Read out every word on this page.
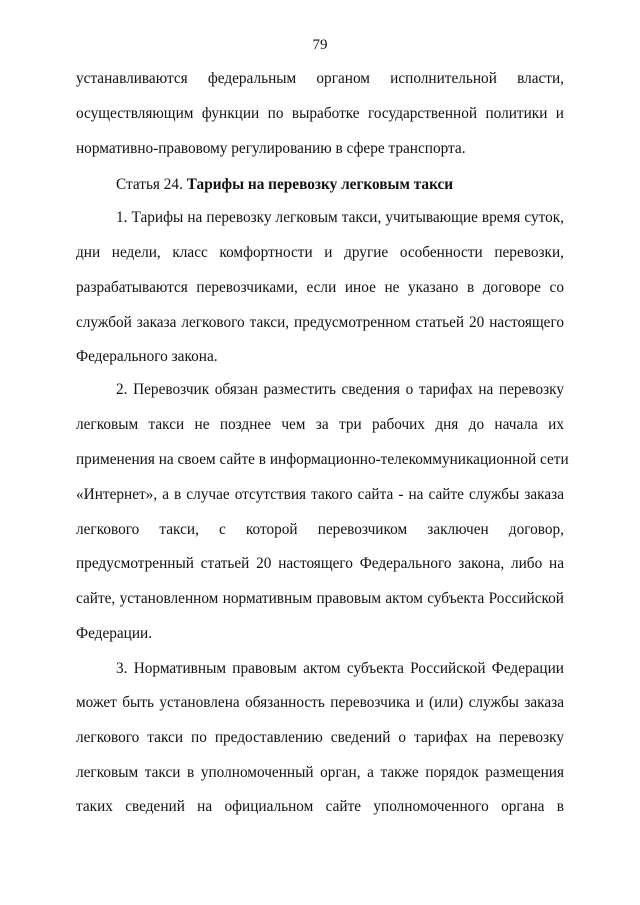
79
устанавливаются федеральным органом исполнительной власти,
осуществляющим функции по выработке государственной политики и
нормативно-правовому регулированию в сфере транспорта.
Статья 24. Тарифы на перевозку легковым такси
1. Тарифы на перевозку легковым такси, учитывающие время суток,
дни недели, класс комфортности и другие особенности перевозки,
разрабатываются перевозчиками, если иное не указано в договоре со
службой заказа легкового такси, предусмотренном статьей 20 настоящего
Федерального закона.
2. Перевозчик обязан разместить сведения о тарифах на перевозку
легковым такси не позднее чем за три рабочих дня до начала их
применения на своем сайте в информационно-телекоммуникационной сети
«Интернет», а в случае отсутствия такого сайта - на сайте службы заказа
легкового такси, с которой перевозчиком заключен договор,
предусмотренный статьей 20 настоящего Федерального закона, либо на
сайте, установленном нормативным правовым актом субъекта Российской
Федерации.
3. Нормативным правовым актом субъекта Российской Федерации
может быть установлена обязанность перевозчика и (или) службы заказа
легкового такси по предоставлению сведений о тарифах на перевозку
легковым такси в уполномоченный орган, а также порядок размещения
таких сведений на официальном сайте уполномоченного органа в
